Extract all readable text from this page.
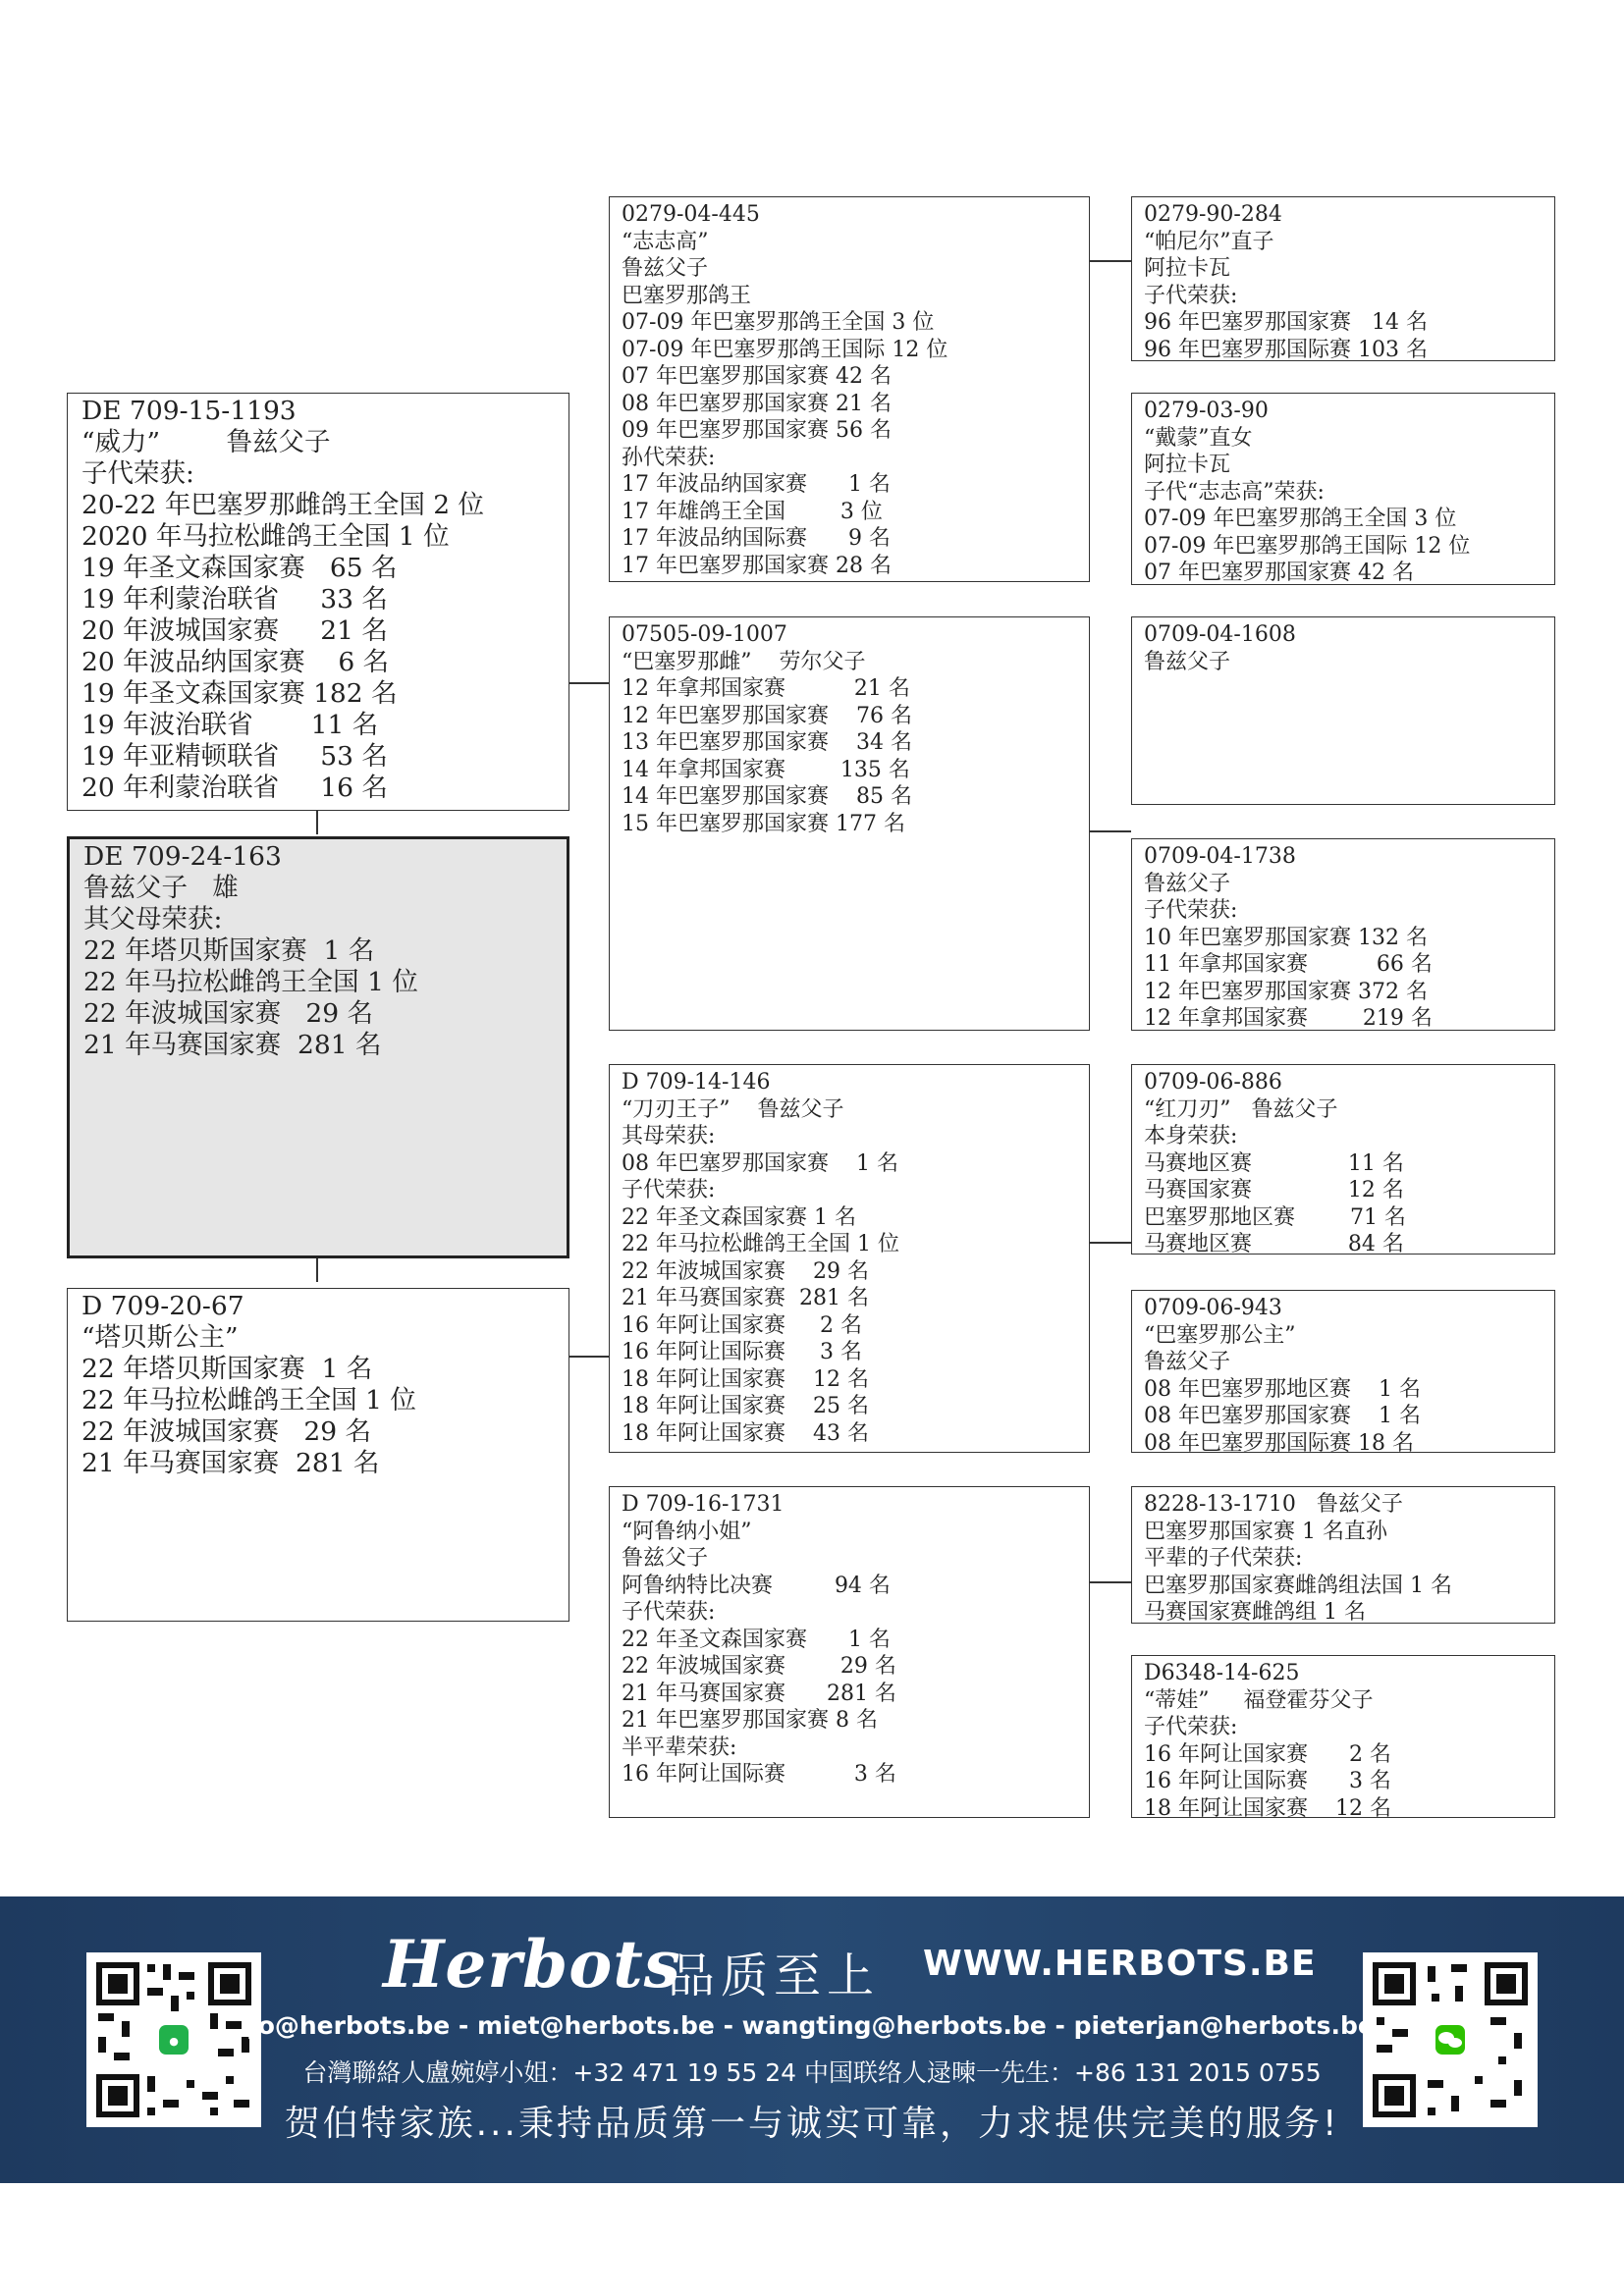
DE 709-15-1193
“威力”        鲁兹父子
子代荣获:
20-22 年巴塞罗那雌鸽王全国 2 位
2020 年马拉松雌鸽王全国 1 位
19 年圣文森国家赛   65 名
19 年利蒙治联省     33 名
20 年波城国家赛     21 名
20 年波品纳国家赛    6 名
19 年圣文森国家赛 182 名
19 年波治联省       11 名
19 年亚精顿联省     53 名
20 年利蒙治联省     16 名
DE 709-24-163
鲁兹父子   雄
其父母荣获:
22 年塔贝斯国家赛  1 名
22 年马拉松雌鸽王全国 1 位
22 年波城国家赛   29 名
21 年马赛国家赛  281 名
D 709-20-67
“塔贝斯公主”
22 年塔贝斯国家赛  1 名
22 年马拉松雌鸽王全国 1 位
22 年波城国家赛   29 名
21 年马赛国家赛  281 名
0279-04-445
“志志高”
鲁兹父子
巴塞罗那鸽王
07-09 年巴塞罗那鸽王全国 3 位
07-09 年巴塞罗那鸽王国际 12 位
07 年巴塞罗那国家赛 42 名
08 年巴塞罗那国家赛 21 名
09 年巴塞罗那国家赛 56 名
孙代荣获:
17 年波品纳国家赛      1 名
17 年雄鸽王全国        3 位
17 年波品纳国际赛      9 名
17 年巴塞罗那国家赛 28 名
07505-09-1007
“巴塞罗那雌”    劳尔父子
12 年拿邦国家赛          21 名
12 年巴塞罗那国家赛    76 名
13 年巴塞罗那国家赛    34 名
14 年拿邦国家赛        135 名
14 年巴塞罗那国家赛    85 名
15 年巴塞罗那国家赛 177 名
D 709-14-146
“刀刃王子”    鲁兹父子
其母荣获:
08 年巴塞罗那国家赛    1 名
子代荣获:
22 年圣文森国家赛 1 名
22 年马拉松雌鸽王全国 1 位
22 年波城国家赛    29 名
21 年马赛国家赛  281 名
16 年阿让国家赛     2 名
16 年阿让国际赛     3 名
18 年阿让国家赛    12 名
18 年阿让国家赛    25 名
18 年阿让国家赛    43 名
D 709-16-1731
“阿鲁纳小姐”
鲁兹父子
阿鲁纳特比决赛         94 名
子代荣获:
22 年圣文森国家赛      1 名
22 年波城国家赛        29 名
21 年马赛国家赛      281 名
21 年巴塞罗那国家赛 8 名
半平辈荣获:
16 年阿让国际赛          3 名
0279-90-284
“帕尼尔”直子
阿拉卡瓦
子代荣获:
96 年巴塞罗那国家赛   14 名
96 年巴塞罗那国际赛 103 名
0279-03-90
“戴蒙”直女
阿拉卡瓦
子代“志志高”荣获:
07-09 年巴塞罗那鸽王全国 3 位
07-09 年巴塞罗那鸽王国际 12 位
07 年巴塞罗那国家赛 42 名
0709-04-1608
鲁兹父子
0709-04-1738
鲁兹父子
子代荣获:
10 年巴塞罗那国家赛 132 名
11 年拿邦国家赛          66 名
12 年巴塞罗那国家赛 372 名
12 年拿邦国家赛        219 名
0709-06-886
“红刀刃”   鲁兹父子
本身荣获:
马赛地区赛              11 名
马赛国家赛              12 名
巴塞罗那地区赛        71 名
马赛地区赛              84 名
0709-06-943
“巴塞罗那公主”
鲁兹父子
08 年巴塞罗那地区赛    1 名
08 年巴塞罗那国家赛    1 名
08 年巴塞罗那国际赛 18 名
8228-13-1710   鲁兹父子
巴塞罗那国家赛 1 名直孙
平辈的子代荣获:
巴塞罗那国家赛雌鸽组法国 1 名
马赛国家赛雌鸽组 1 名
D6348-14-625
“蒂娃”     福登霍芬父子
子代荣获:
16 年阿让国家赛      2 名
16 年阿让国际赛      3 名
18 年阿让国家赛    12 名
●
Herbots
品质至上 WWW.HERBOTS.BE
jo@herbots.be - miet@herbots.be - wangting@herbots.be - pieterjan@herbots.be
台灣聯絡人盧婉婷小姐：+32 471 19 55 24 中国联络人逯暕一先生：+86 131 2015 0755
贺伯特家族...秉持品质第一与诚实可靠，力求提供完美的服务!
